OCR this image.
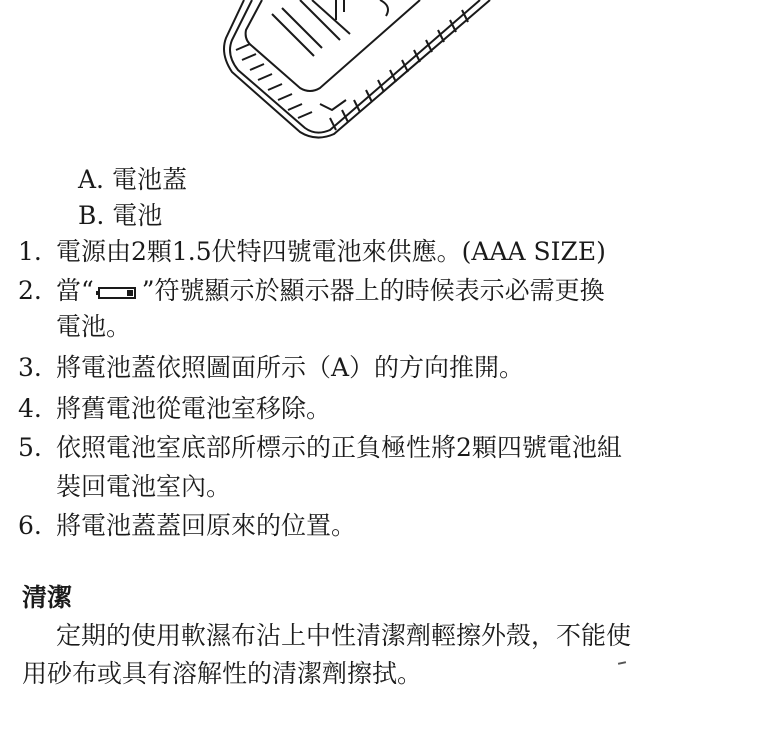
A. 電池蓋
B. 電池
1. 電源由2顆1.5伏特四號電池來供應。(AAA SIZE)
2. 當“ ”符號顯示於顯示器上的時候表示必需更換
電池。
3. 將電池蓋依照圖面所示（A）的方向推開。
4. 將舊電池從電池室移除。
5. 依照電池室底部所標示的正負極性將2顆四號電池組
裝回電池室內。
6. 將電池蓋蓋回原來的位置。
清潔
定期的使用軟濕布沾上中性清潔劑輕擦外殼，不能使
用砂布或具有溶解性的清潔劑擦拭。
